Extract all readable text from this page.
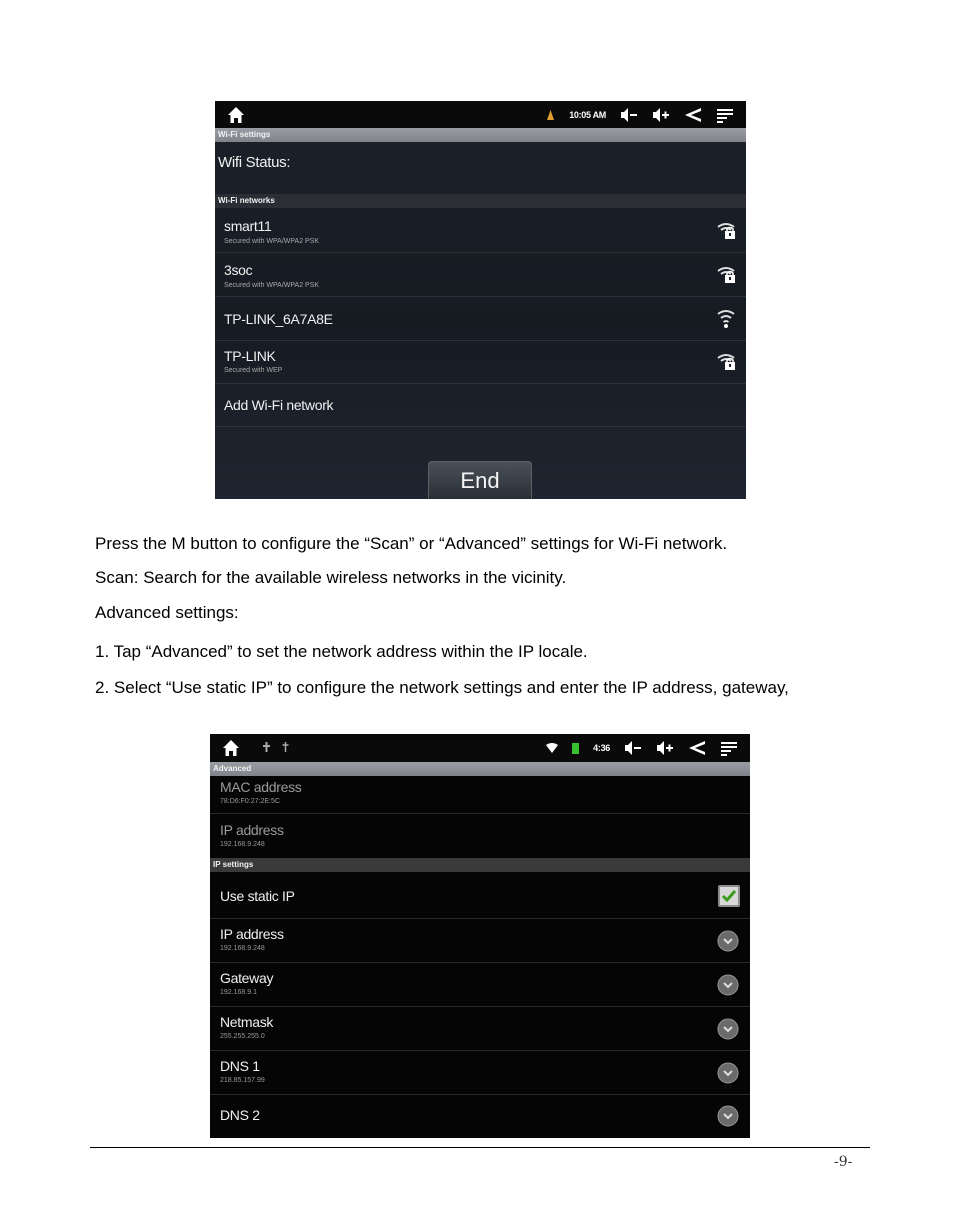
10:05 AM
Wi-Fi settings
Wifi Status:
Wi-Fi networks
smart11
Secured with WPA/WPA2 PSK
3soc
Secured with WPA/WPA2 PSK
TP-LINK_6A7A8E
TP-LINK
Secured with WEP
Add Wi-Fi network
End
Press the M button to configure the “Scan” or “Advanced” settings for Wi-Fi network.
Scan: Search for the available wireless networks in the vicinity.
Advanced settings:
1. Tap “Advanced” to set the network address within the IP locale.
2. Select “Use static IP” to configure the network settings and enter the IP address, gateway,
4:36
Advanced
MAC address
78:D6:F0:27:2E:5C
IP address
192.168.9.248
IP settings
Use static IP
IP address
192.168.9.248
Gateway
192.168.9.1
Netmask
255.255.255.0
DNS 1
218.85.157.99
DNS 2
-9-
